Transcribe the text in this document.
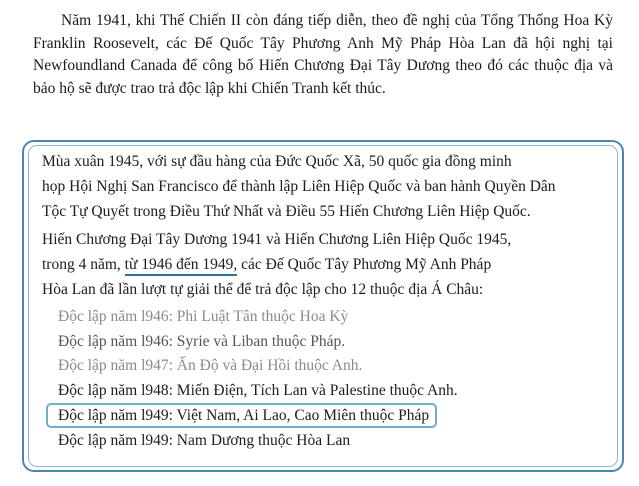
Năm 1941, khi Thế Chiến II còn đáng tiếp diễn, theo đề nghị của Tổng Thống Hoa Kỳ Franklin Roosevelt, các Đế Quốc Tây Phương Anh Mỹ Pháp Hòa Lan đã hội nghị tại Newfoundland Canada để công bố Hiến Chương Đại Tây Dương theo đó các thuộc địa và bảo hộ sẽ được trao trả độc lập khi Chiến Tranh kết thúc.

Mùa xuân 1945, với sự đầu hàng của Đức Quốc Xã, 50 quốc gia đồng minh

họp Hội Nghị San Francisco để thành lập Liên Hiệp Quốc và ban hành Quyền Dân

Tộc Tự Quyết trong Điều Thứ Nhất và Điều 55 Hiến Chương Liên Hiệp Quốc.

Hiến Chương Đại Tây Dương 1941 và Hiến Chương Liên Hiệp Quốc 1945,

trong 4 năm, từ 1946 đến 1949, các Đế Quốc Tây Phương Mỹ Anh Pháp

Hòa Lan đã lần lượt tự giải thể để trả độc lập cho 12 thuộc địa Á Châu:

Độc lập năm l946: Phi Luật Tân thuộc Hoa Kỳ
Độc lập năm l946: Syrie và Liban thuộc Pháp.
Độc lập năm l947: Ấn Độ và Đại Hồi thuộc Anh.
Độc lập năm l948: Miến Điện, Tích Lan và Palestine thuộc Anh.
Độc lập năm l949: Việt Nam, Ai Lao, Cao Miên thuộc Pháp
Độc lập năm l949: Nam Dương thuộc Hòa Lan
